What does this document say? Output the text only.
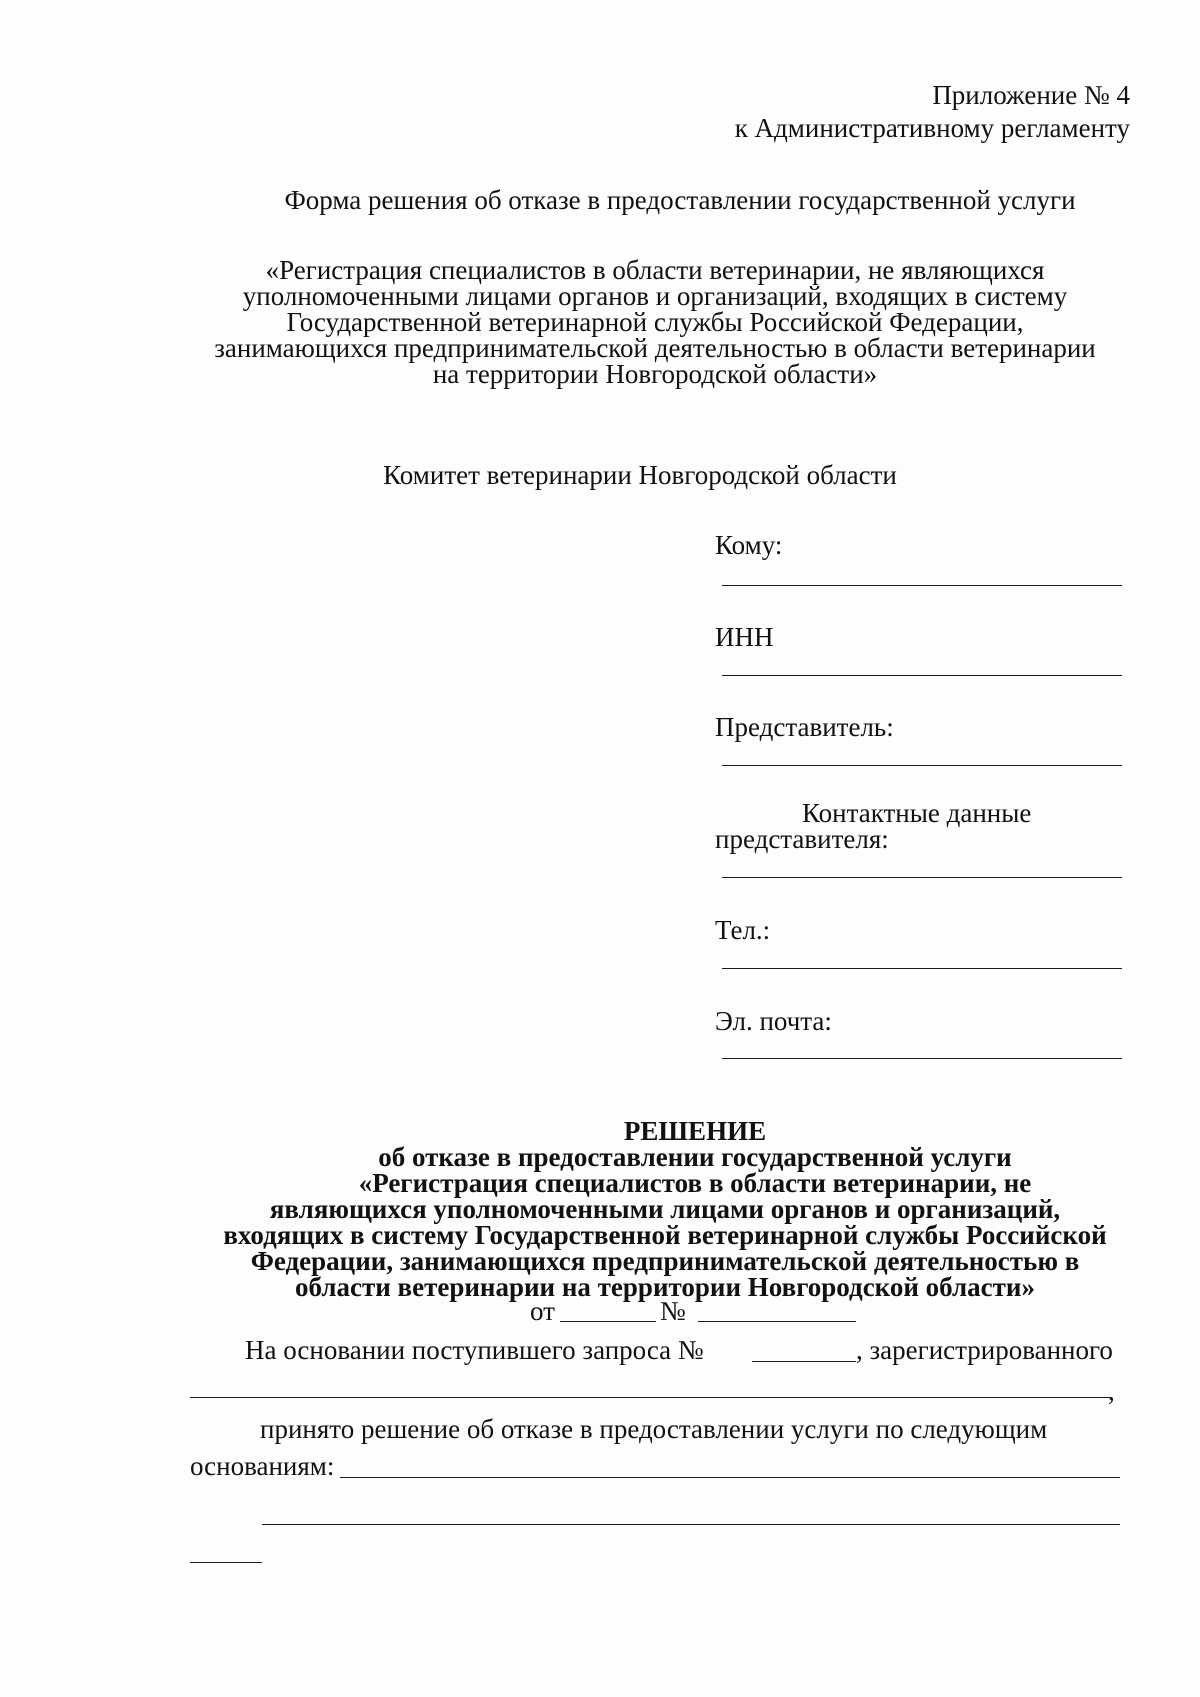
Приложение № 4
к Административному регламенту
Форма решения об отказе в предоставлении государственной услуги
«Регистрация специалистов в области ветеринарии, не являющихся
уполномоченными лицами органов и организаций, входящих в систему
Государственной ветеринарной службы Российской Федерации,
занимающихся предпринимательской деятельностью в области ветеринарии
на территории Новгородской области»
Комитет ветеринарии Новгородской области
Кому:
ИНН
Представитель:
Контактные данные
представителя:
Тел.:
Эл. почта:
РЕШЕНИЕ
об отказе в предоставлении государственной услуги
«Регистрация специалистов в области ветеринарии, не
являющихся уполномоченными лицами органов и организаций,
входящих в систему Государственной ветеринарной службы Российской
Федерации, занимающихся предпринимательской деятельностью в
области ветеринарии на территории Новгородской области»
от	№
На основании поступившего запроса №	, зарегистрированного
,
принято решение об отказе в предоставлении услуги по следующим
основаниям:
